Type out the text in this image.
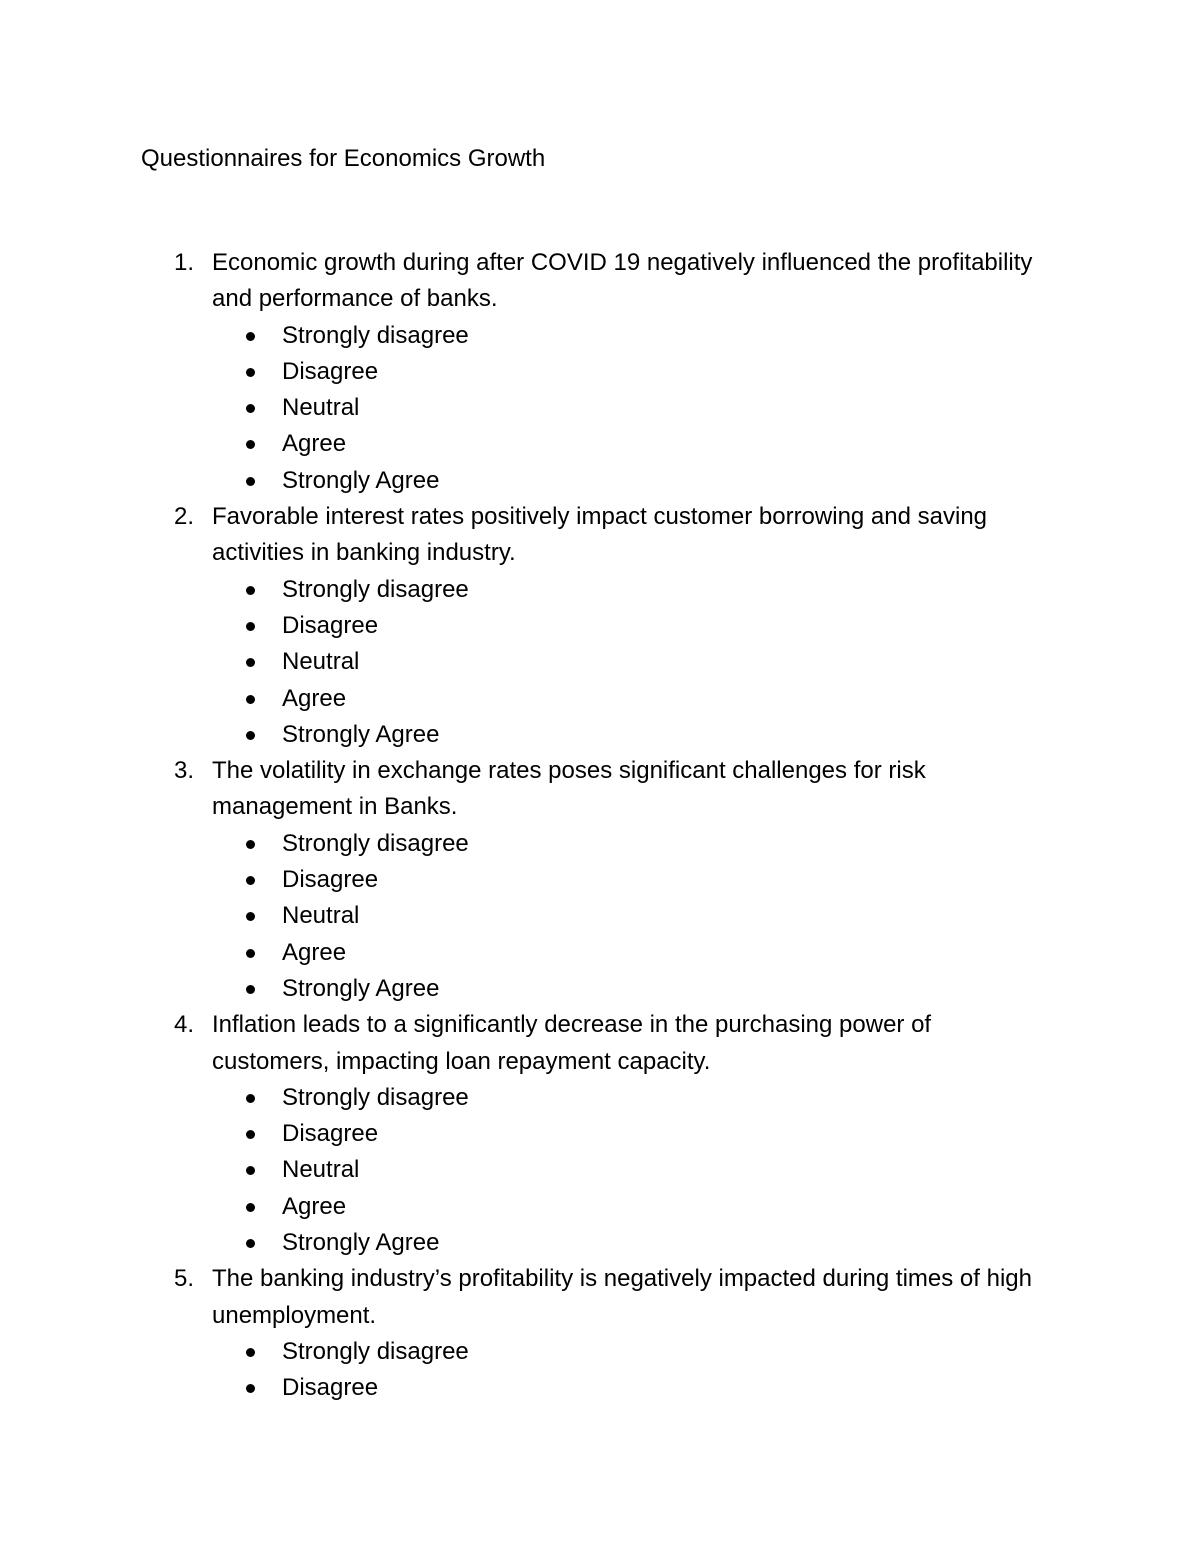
Questionnaires for Economics Growth
1. Economic growth during after COVID 19 negatively influenced the profitability and performance of banks.

Strongly disagree
Disagree
Neutral
Agree
Strongly Agree
2. Favorable interest rates positively impact customer borrowing and saving activities in banking industry.

Strongly disagree
Disagree
Neutral
Agree
Strongly Agree
3. The volatility in exchange rates poses significant challenges for risk management in Banks.

Strongly disagree
Disagree
Neutral
Agree
Strongly Agree
4. Inflation leads to a significantly decrease in the purchasing power of customers, impacting loan repayment capacity.

Strongly disagree
Disagree
Neutral
Agree
Strongly Agree
5. The banking industry’s profitability is negatively impacted during times of high unemployment.

Strongly disagree
Disagree
